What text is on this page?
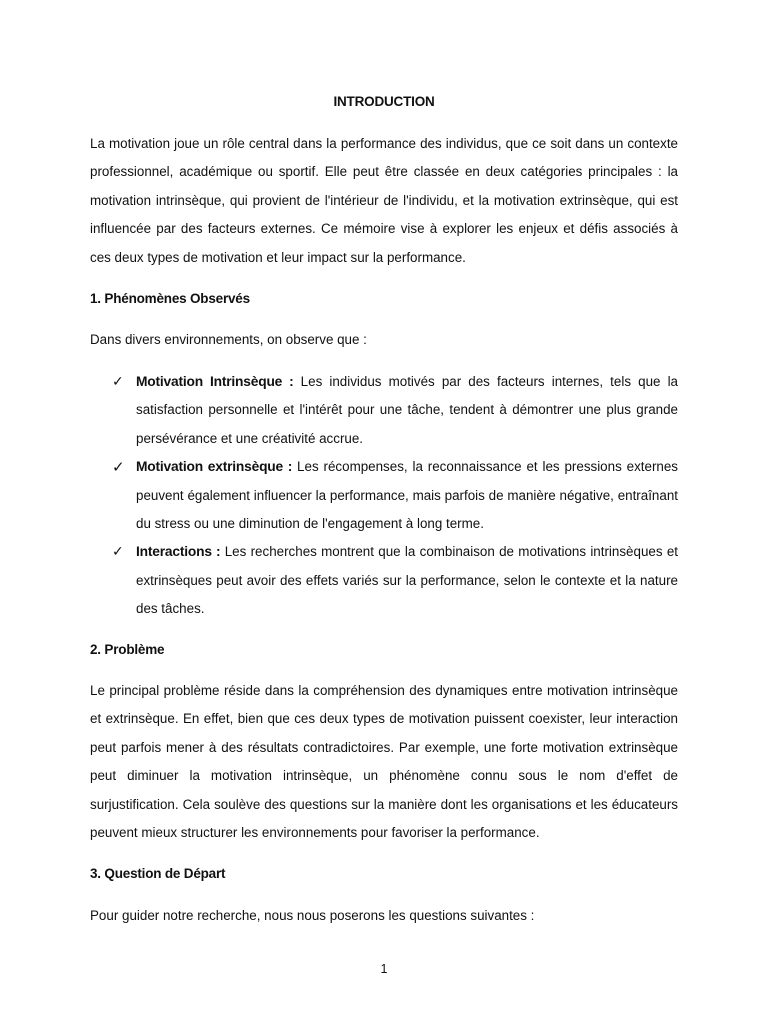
INTRODUCTION
La motivation joue un rôle central dans la performance des individus, que ce soit dans un contexte professionnel, académique ou sportif. Elle peut être classée en deux catégories principales : la motivation intrinsèque, qui provient de l'intérieur de l'individu, et la motivation extrinsèque, qui est influencée par des facteurs externes. Ce mémoire vise à explorer les enjeux et défis associés à ces deux types de motivation et leur impact sur la performance.
1. Phénomènes Observés
Dans divers environnements, on observe que :
✓ Motivation Intrinsèque : Les individus motivés par des facteurs internes, tels que la satisfaction personnelle et l'intérêt pour une tâche, tendent à démontrer une plus grande persévérance et une créativité accrue.
✓ Motivation extrinsèque : Les récompenses, la reconnaissance et les pressions externes peuvent également influencer la performance, mais parfois de manière négative, entraînant du stress ou une diminution de l'engagement à long terme.
✓ Interactions : Les recherches montrent que la combinaison de motivations intrinsèques et extrinsèques peut avoir des effets variés sur la performance, selon le contexte et la nature des tâches.
2. Problème
Le principal problème réside dans la compréhension des dynamiques entre motivation intrinsèque et extrinsèque. En effet, bien que ces deux types de motivation puissent coexister, leur interaction peut parfois mener à des résultats contradictoires. Par exemple, une forte motivation extrinsèque peut diminuer la motivation intrinsèque, un phénomène connu sous le nom d'effet de surjustification. Cela soulève des questions sur la manière dont les organisations et les éducateurs peuvent mieux structurer les environnements pour favoriser la performance.
3. Question de Départ
Pour guider notre recherche, nous nous poserons les questions suivantes :
1
